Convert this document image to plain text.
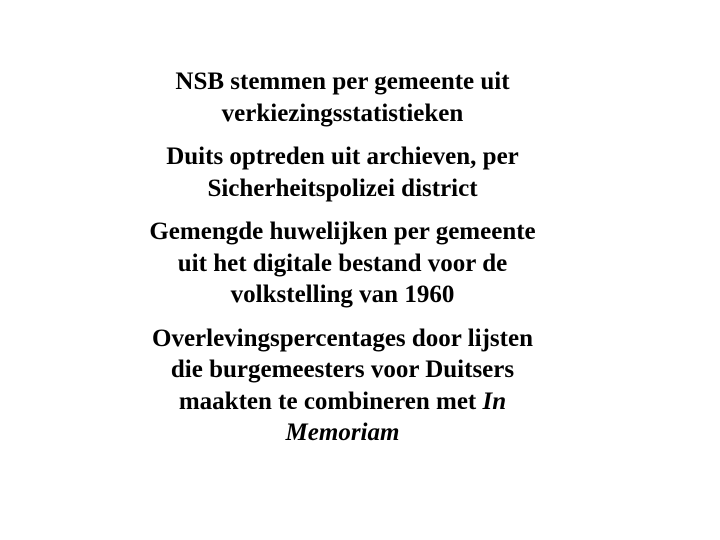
NSB stemmen per gemeente uit
verkiezingsstatistieken

Duits optreden uit archieven, per
Sicherheitspolizei district

Gemengde huwelijken per gemeente
uit het digitale bestand voor de
volkstelling van 1960

Overlevingspercentages door lijsten
die burgemeesters voor Duitsers
maakten te combineren met In
Memoriam
